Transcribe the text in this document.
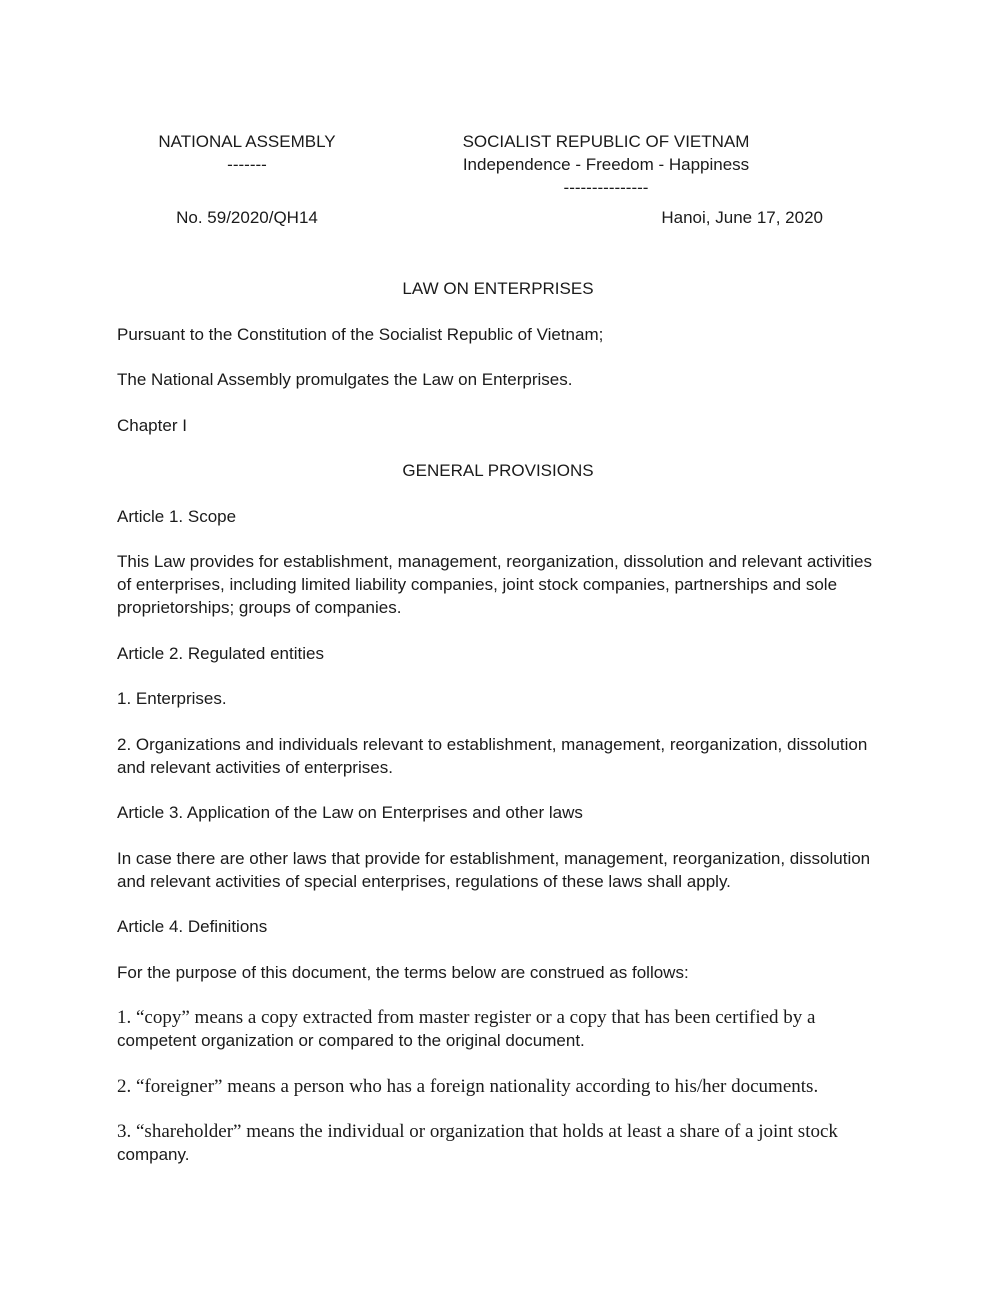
NATIONAL ASSEMBLY
-------
No. 59/2020/QH14
SOCIALIST REPUBLIC OF VIETNAM
Independence - Freedom - Happiness
---------------
Hanoi, June 17, 2020

LAW ON ENTERPRISES

Pursuant to the Constitution of the Socialist Republic of Vietnam;

The National Assembly promulgates the Law on Enterprises.

Chapter I

GENERAL PROVISIONS

Article 1. Scope

This Law provides for establishment, management, reorganization, dissolution and relevant activities of enterprises, including limited liability companies, joint stock companies, partnerships and sole proprietorships; groups of companies.

Article 2. Regulated entities

1. Enterprises.

2. Organizations and individuals relevant to establishment, management, reorganization, dissolution and relevant activities of enterprises.

Article 3. Application of the Law on Enterprises and other laws

In case there are other laws that provide for establishment, management, reorganization, dissolution and relevant activities of special enterprises, regulations of these laws shall apply.

Article 4. Definitions

For the purpose of this document, the terms below are construed as follows:

1. “copy” means a copy extracted from master register or a copy that has been certified by a competent organization or compared to the original document.

2. “foreigner” means a person who has a foreign nationality according to his/her documents.

3. “shareholder” means the individual or organization that holds at least a share of a joint stock company.
